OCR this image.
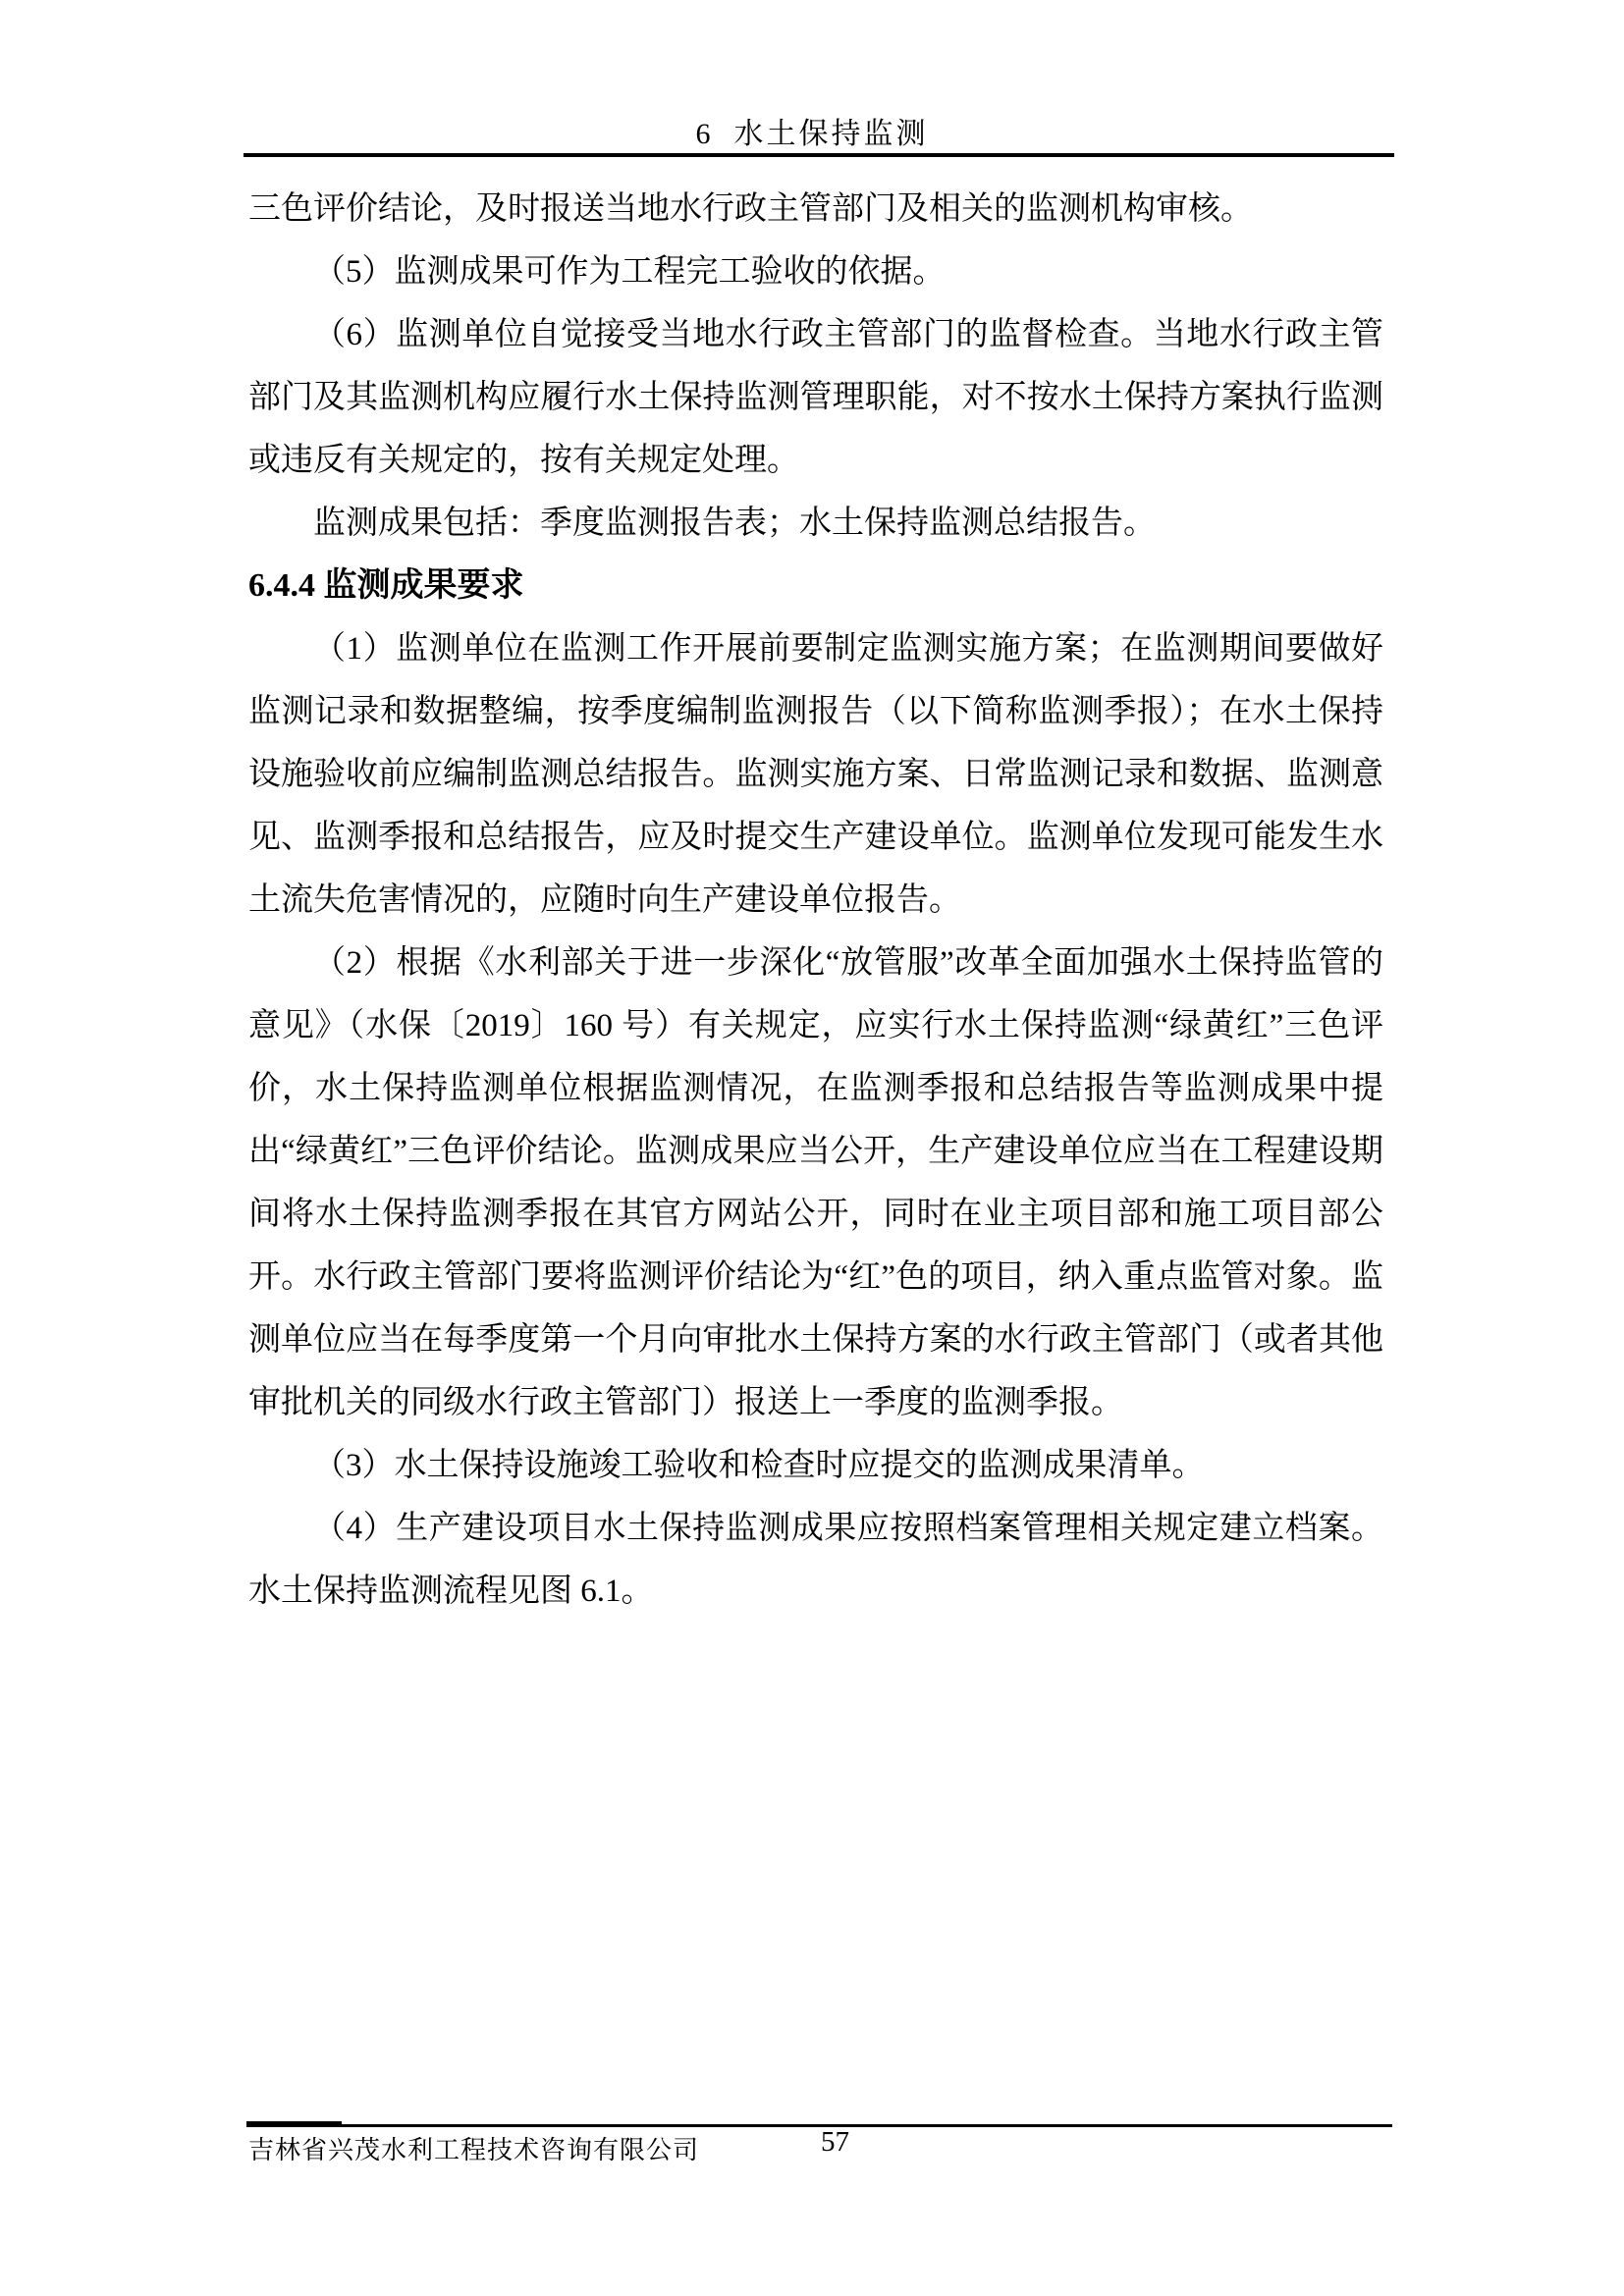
6  水土保持监测

三色评价结论，及时报送当地水行政主管部门及相关的监测机构审核。

（5）监测成果可作为工程完工验收的依据。

（6）监测单位自觉接受当地水行政主管部门的监督检查。当地水行政主管部门及其监测机构应履行水土保持监测管理职能，对不按水土保持方案执行监测或违反有关规定的，按有关规定处理。

监测成果包括：季度监测报告表；水土保持监测总结报告。

6.4.4 监测成果要求

（1）监测单位在监测工作开展前要制定监测实施方案；在监测期间要做好监测记录和数据整编，按季度编制监测报告（以下简称监测季报）；在水土保持设施验收前应编制监测总结报告。监测实施方案、日常监测记录和数据、监测意见、监测季报和总结报告，应及时提交生产建设单位。监测单位发现可能发生水土流失危害情况的，应随时向生产建设单位报告。

（2）根据《水利部关于进一步深化“放管服”改革全面加强水土保持监管的意见》（水保〔2019〕160 号）有关规定，应实行水土保持监测“绿黄红”三色评价，水土保持监测单位根据监测情况，在监测季报和总结报告等监测成果中提出“绿黄红”三色评价结论。监测成果应当公开，生产建设单位应当在工程建设期间将水土保持监测季报在其官方网站公开，同时在业主项目部和施工项目部公开。水行政主管部门要将监测评价结论为“红”色的项目，纳入重点监管对象。监测单位应当在每季度第一个月向审批水土保持方案的水行政主管部门（或者其他审批机关的同级水行政主管部门）报送上一季度的监测季报。

（3）水土保持设施竣工验收和检查时应提交的监测成果清单。

（4）生产建设项目水土保持监测成果应按照档案管理相关规定建立档案。水土保持监测流程见图 6.1。

吉林省兴茂水利工程技术咨询有限公司	57
